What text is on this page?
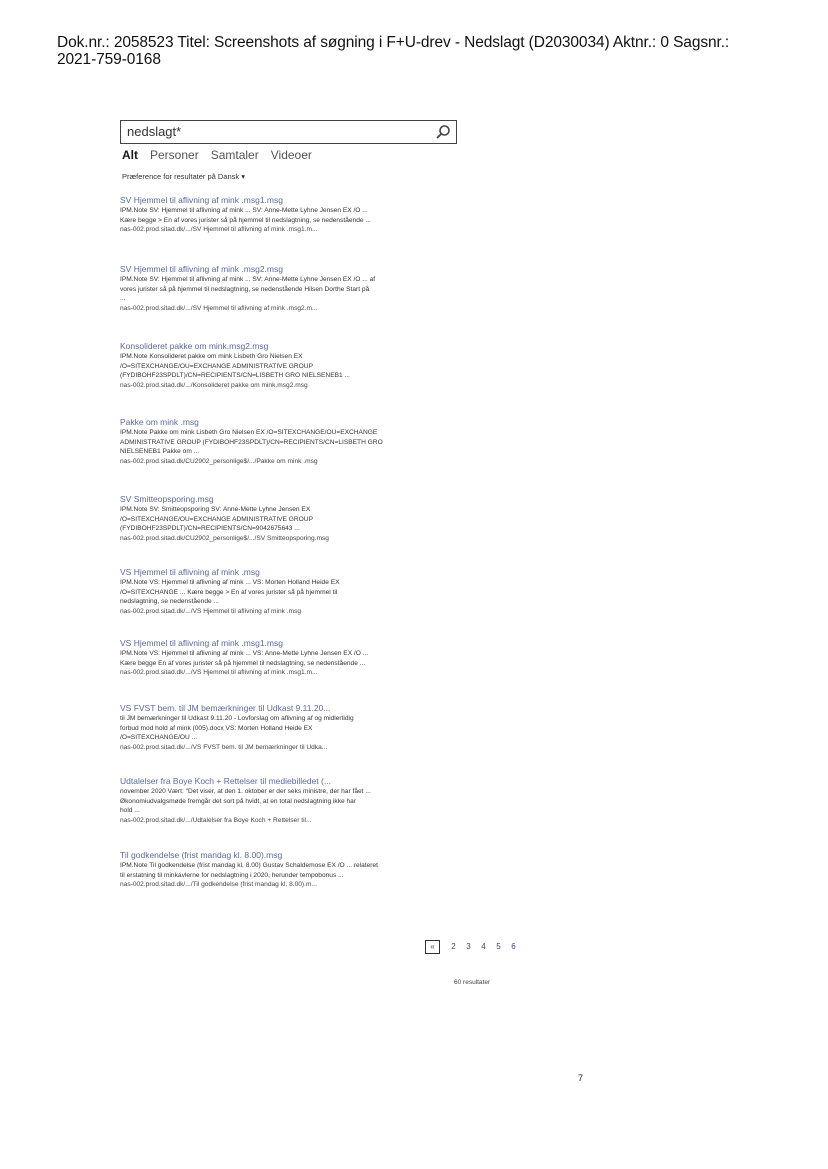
Dok.nr.: 2058523 Titel: Screenshots af søgning i F+U-drev - Nedslagt (D2030034) Aktnr.: 0 Sagsnr.:
2021-759-0168
nedslagt*
Alt Personer Samtaler Videoer
Præference for resultater på Dansk ▾
SV Hjemmel til aflivning af mink .msg1.msg
IPM.Note SV: Hjemmel til aflivning af mink ... SV: Anne-Mette Lyhne Jensen EX /O ...
Kære begge > En af vores jurister så på hjemmel til nedslagtning, se nedenstående ...
nas-002.prod.sitad.dk/.../SV Hjemmel til aflivning af mink .msg1.m...
SV Hjemmel til aflivning af mink .msg2.msg
IPM.Note SV: Hjemmel til aflivning af mink ... SV: Anne-Mette Lyhne Jensen EX /O ... af
vores jurister så på hjemmel til nedslagtning, se nedenstående Hilsen Dorthe Start på
...
nas-002.prod.sitad.dk/.../SV Hjemmel til aflivning af mink .msg2.m...
Konsolideret pakke om mink.msg2.msg
IPM.Note Konsolideret pakke om mink Lisbeth Gro Nielsen EX
/O=SITEXCHANGE/OU=EXCHANGE ADMINISTRATIVE GROUP
(FYDIBOHF23SPDLT)/CN=RECIPIENTS/CN=LISBETH GRO NIELSENEB1 ...
nas-002.prod.sitad.dk/.../Konsolideret pakke om mink.msg2.msg
Pakke om mink .msg
IPM.Note Pakke om mink Lisbeth Gro Nielsen EX /O=SITEXCHANGE/OU=EXCHANGE
ADMINISTRATIVE GROUP (FYDIBOHF23SPDLT)/CN=RECIPIENTS/CN=LISBETH GRO
NIELSENEB1 Pakke om ...
nas-002.prod.sitad.dk/CU2902_personlige$/.../Pakke om mink .msg
SV Smitteopsporing.msg
IPM.Note SV: Smitteopsporing SV: Anne-Mette Lyhne Jensen EX
/O=SITEXCHANGE/OU=EXCHANGE ADMINISTRATIVE GROUP
(FYDIBOHF23SPDLT)/CN=RECIPIENTS/CN=9042675643 ...
nas-002.prod.sitad.dk/CU2902_personlige$/.../SV Smitteopsporing.msg
VS Hjemmel til aflivning af mink .msg
IPM.Note VS: Hjemmel til aflivning af mink ... VS: Morten Holland Heide EX
/O=SITEXCHANGE ... Kære begge > En af vores jurister så på hjemmel til
nedslagtning, se nedenstående ...
nas-002.prod.sitad.dk/.../VS Hjemmel til aflivning af mink .msg
VS Hjemmel til aflivning af mink .msg1.msg
IPM.Note VS: Hjemmel til aflivning af mink ... VS: Anne-Mette Lyhne Jensen EX /O ...
Kære begge En af vores jurister så på hjemmel til nedslagtning, se nedenstående ...
nas-002.prod.sitad.dk/.../VS Hjemmel til aflivning af mink .msg1.m...
VS FVST bem. til JM bemærkninger til Udkast 9.11.20...
til JM bemærkninger til Udkast 9.11.20 - Lovforslag om aflivning af og midlertidig
forbud mod hold af mink (005).docx VS: Morten Holland Heide EX
/O=SITEXCHANGE/OU ...
nas-002.prod.sitad.dk/.../VS FVST bem. til JM bemærkninger til Udka...
Udtalelser fra Boye Koch + Rettelser til mediebilledet (...
november 2020 Vært: "Det viser, at den 1. oktober er der seks ministre, der har fået ...
Økonomiudvalgsmøde fremgår det sort på hvidt, at en total nedslagtning ikke har
hold ...
nas-002.prod.sitad.dk/.../Udtalelser fra Boye Koch + Rettelser til...
Til godkendelse (frist mandag kl. 8.00).msg
IPM.Note Til godkendelse (frist mandag kl. 8.00) Gustav Schaldemose EX /O ... relateret
til erstatning til minkavlerne for nedslagtning i 2020, herunder tempobonus ...
nas-002.prod.sitad.dk/.../Til godkendelse (frist mandag kl. 8.00).m...
«	2	3	4	5	6
60 resultater
7
